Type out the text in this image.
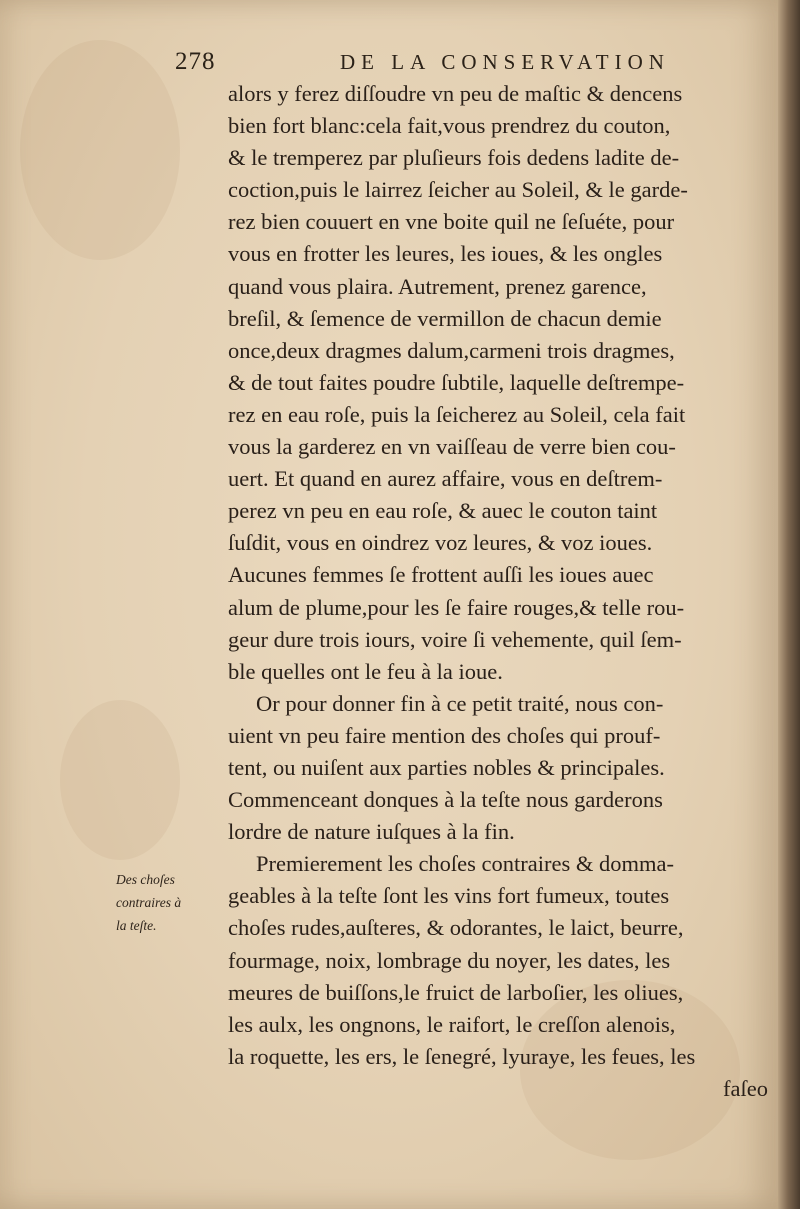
278	DE LA CONSERVATION
alors y ferez diſſoudre vn peu de maſtic & dencens
bien fort blanc:cela fait,vous prendrez du couton,
& le tremperez par pluſieurs fois dedens ladite de-
coction,puis le lairrez ſeicher au Soleil, & le garde-
rez bien couuert en vne boite quil ne ſeſuéte, pour
vous en frotter les leures, les ioues, & les ongles
quand vous plaira. Autrement, prenez garence,
breſil, & ſemence de vermillon de chacun demie
once,deux dragmes dalum,carmeni trois dragmes,
& de tout faites poudre ſubtile, laquelle deſtrempe-
rez en eau roſe, puis la ſeicherez au Soleil, cela fait
vous la garderez en vn vaiſſeau de verre bien cou-
uert. Et quand en aurez affaire, vous en deſtrem-
perez vn peu en eau roſe, & auec le couton taint
ſuſdit, vous en oindrez voz leures, & voz ioues.
Aucunes femmes ſe frottent auſſi les ioues auec
alum de plume,pour les ſe faire rouges,& telle rou-
geur dure trois iours, voire ſi vehemente, quil ſem-
ble quelles ont le feu à la ioue.
Or pour donner fin à ce petit traité, nous con-
uient vn peu faire mention des choſes qui prouf-
tent, ou nuiſent aux parties nobles & principales.
Commenceant donques à la teſte nous garderons
lordre de nature iuſques à la fin.
Premierement les choſes contraires & domma-
geables à la teſte ſont les vins fort fumeux, toutes
choſes rudes,auſteres, & odorantes, le laict, beurre,
fourmage, noix, lombrage du noyer, les dates, les
meures de buiſſons,le fruict de larboſier, les oliues,
les aulx, les ongnons, le raifort, le creſſon alenois,
la roquette, les ers, le ſenegré, lyuraye, les feues, les
faſeo
Des choſes
contraires à
la teſte.
